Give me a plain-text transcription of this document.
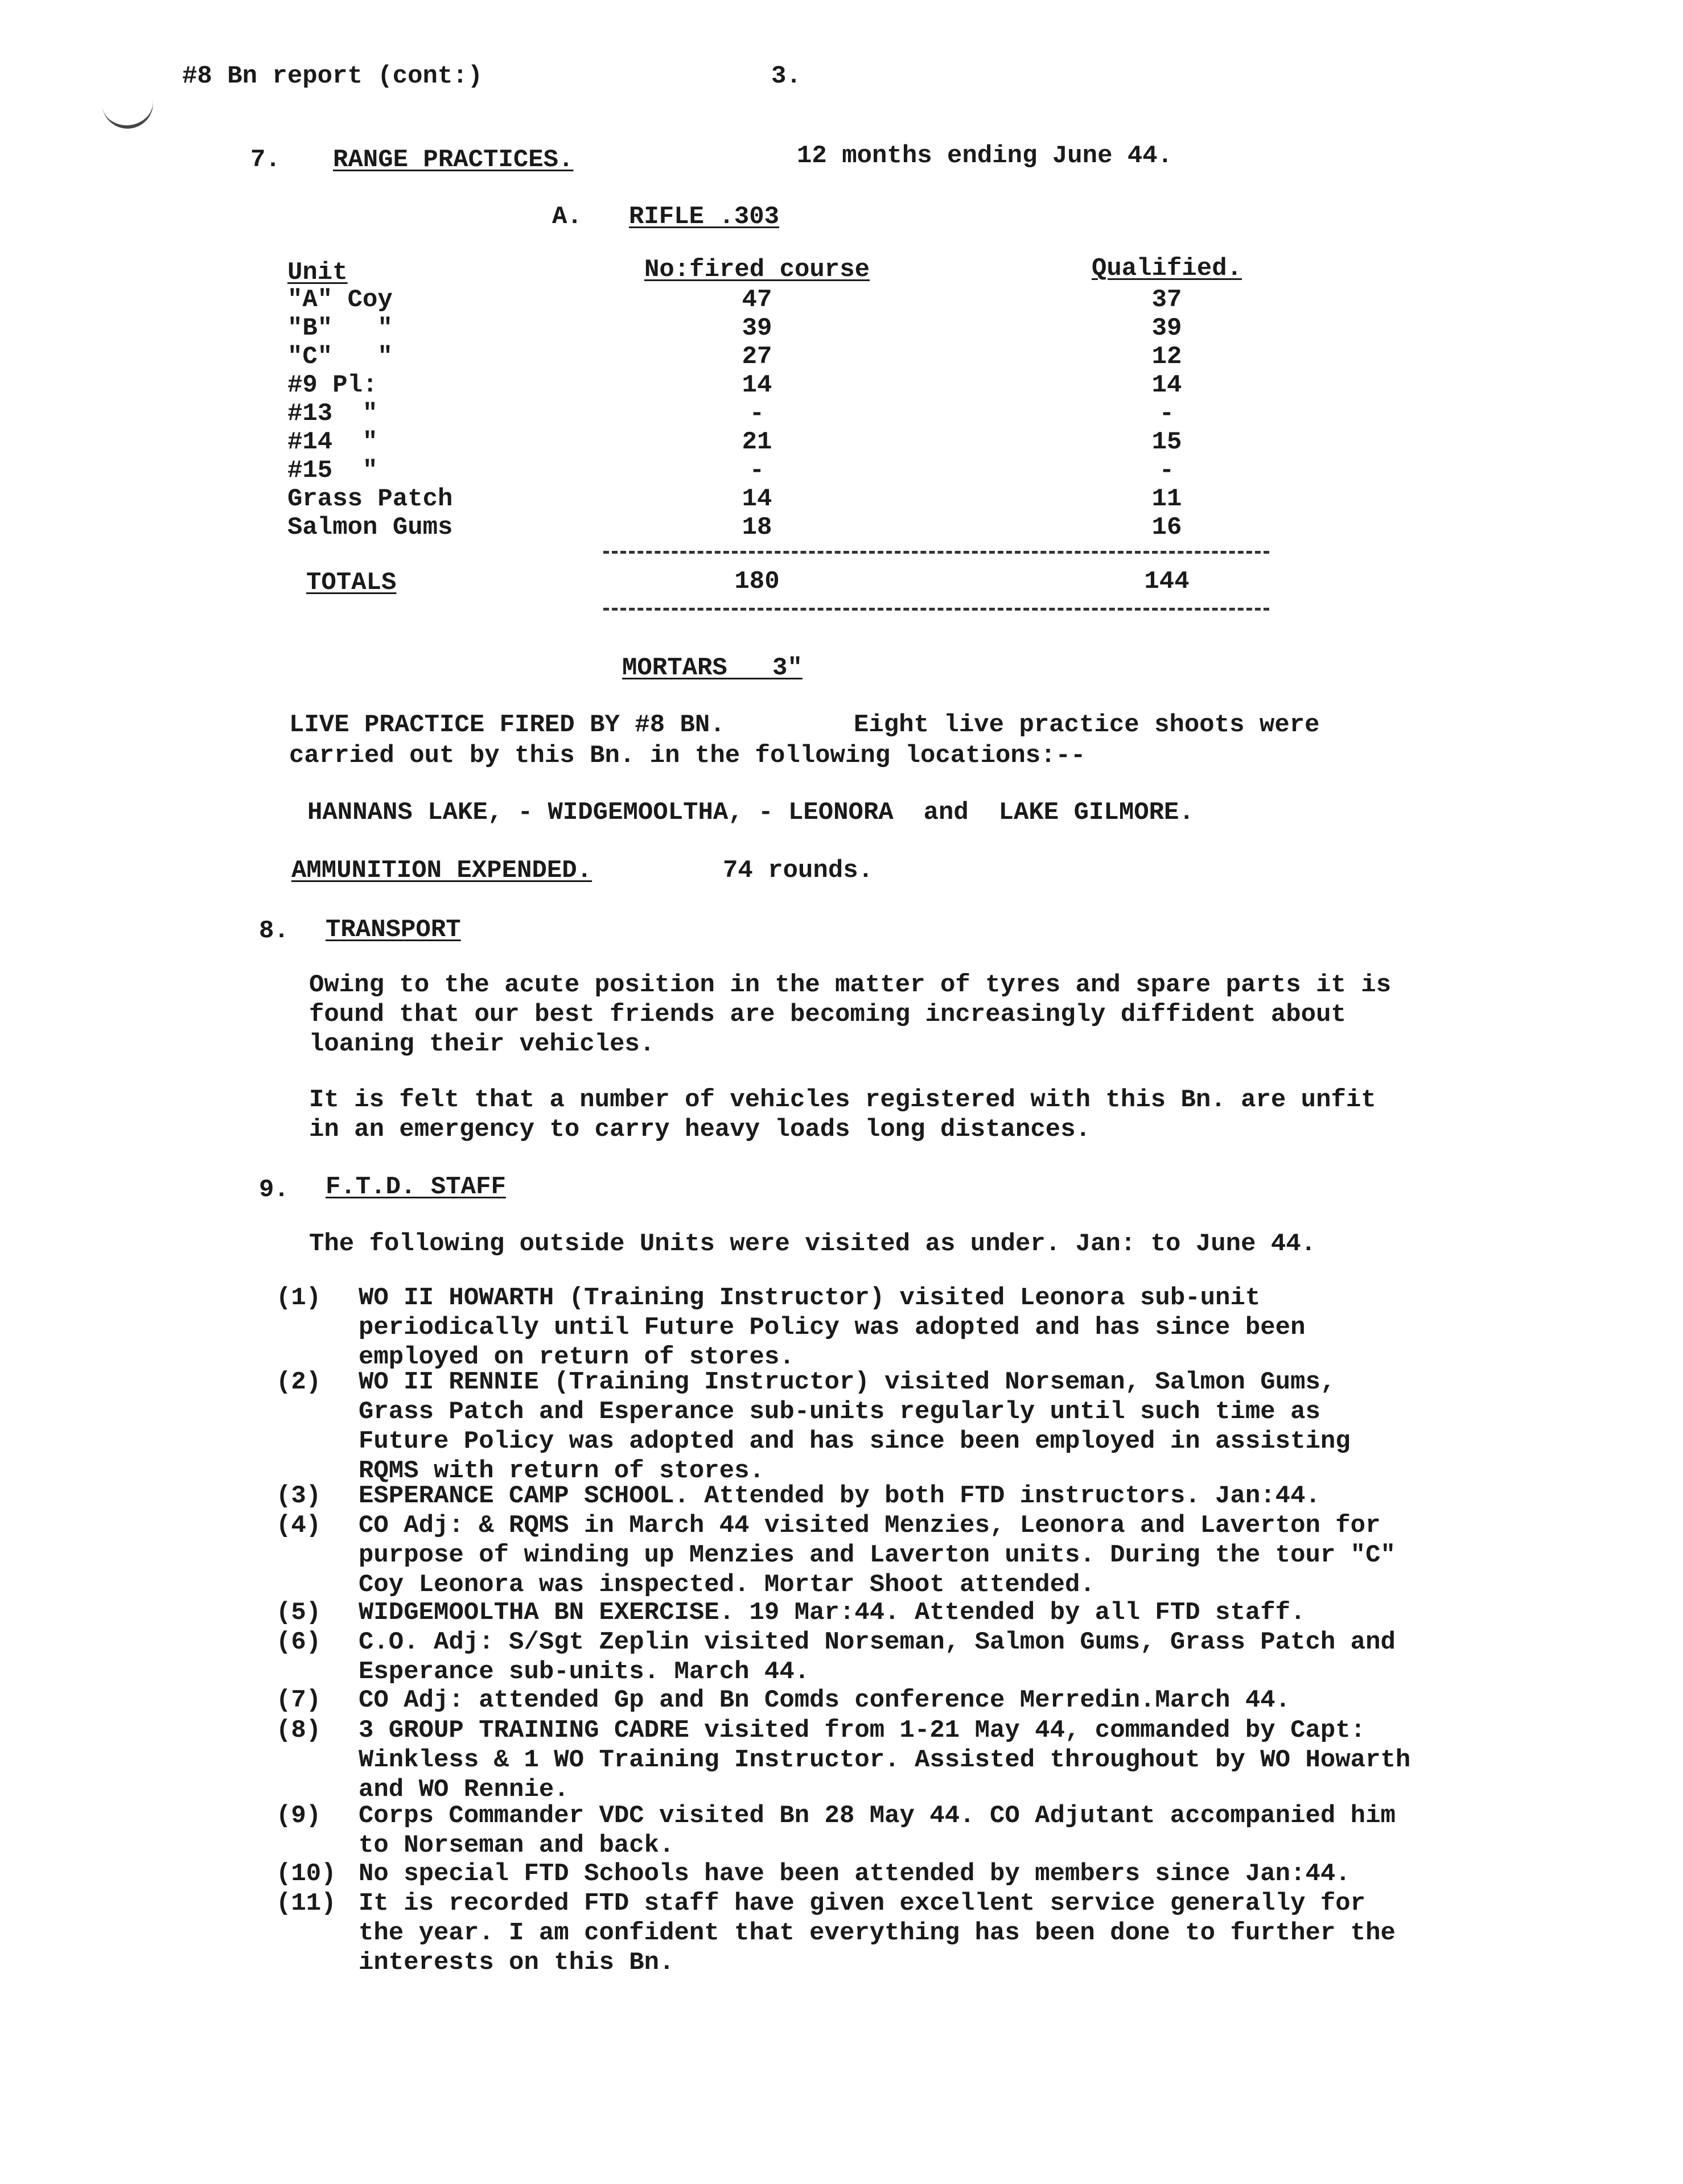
#8 Bn report (cont:)	3.
7. RANGE PRACTICES.	12 months ending June 44.
A. RIFLE .303
Unit	No:fired course	Qualified.
"A" Coy	47	37
"B"   "	39	39
"C"   "	27	12
#9 Pl:	14	14
#13  "	-	-
#14  "	21	15
#15  "	-	-
Grass Patch	14	11
Salmon Gums	18	16
TOTALS	180	144
MORTARS   3"
LIVE PRACTICE FIRED BY #8 BN.	Eight live practice shoots were
carried out by this Bn. in the following locations:--
HANNANS LAKE, - WIDGEMOOLTHA, - LEONORA  and  LAKE GILMORE.
AMMUNITION EXPENDED.	74 rounds.
8. TRANSPORT
Owing to the acute position in the matter of tyres and spare parts it is found that our best friends are becoming increasingly diffident about loaning their vehicles.
It is felt that a number of vehicles registered with this Bn. are unfit in an emergency to carry heavy loads long distances.
9. F.T.D. STAFF
The following outside Units were visited as under. Jan: to June 44.
(1)	WO II HOWARTH (Training Instructor) visited Leonora sub-unit periodically until Future Policy was adopted and has since been employed on return of stores.
(2)	WO II RENNIE (Training Instructor) visited Norseman, Salmon Gums, Grass Patch and Esperance sub-units regularly until such time as Future Policy was adopted and has since been employed in assisting RQMS with return of stores.
(3)	ESPERANCE CAMP SCHOOL. Attended by both FTD instructors. Jan:44.
(4)	CO Adj: & RQMS in March 44 visited Menzies, Leonora and Laverton for purpose of winding up Menzies and Laverton units. During the tour "C" Coy Leonora was inspected. Mortar Shoot attended.
(5)	WIDGEMOOLTHA BN EXERCISE. 19 Mar:44. Attended by all FTD staff.
(6)	C.O. Adj: S/Sgt Zeplin visited Norseman, Salmon Gums, Grass Patch and Esperance sub-units. March 44.
(7)	CO Adj: attended Gp and Bn Comds conference Merredin.March 44.
(8)	3 GROUP TRAINING CADRE visited from 1-21 May 44, commanded by Capt: Winkless & 1 WO Training Instructor. Assisted throughout by WO Howarth and WO Rennie.
(9)	Corps Commander VDC visited Bn 28 May 44. CO Adjutant accompanied him to Norseman and back.
(10) No special FTD Schools have been attended by members since Jan:44.
(11) It is recorded FTD staff have given excellent service generally for the year. I am confident that everything has been done to further the interests on this Bn.
